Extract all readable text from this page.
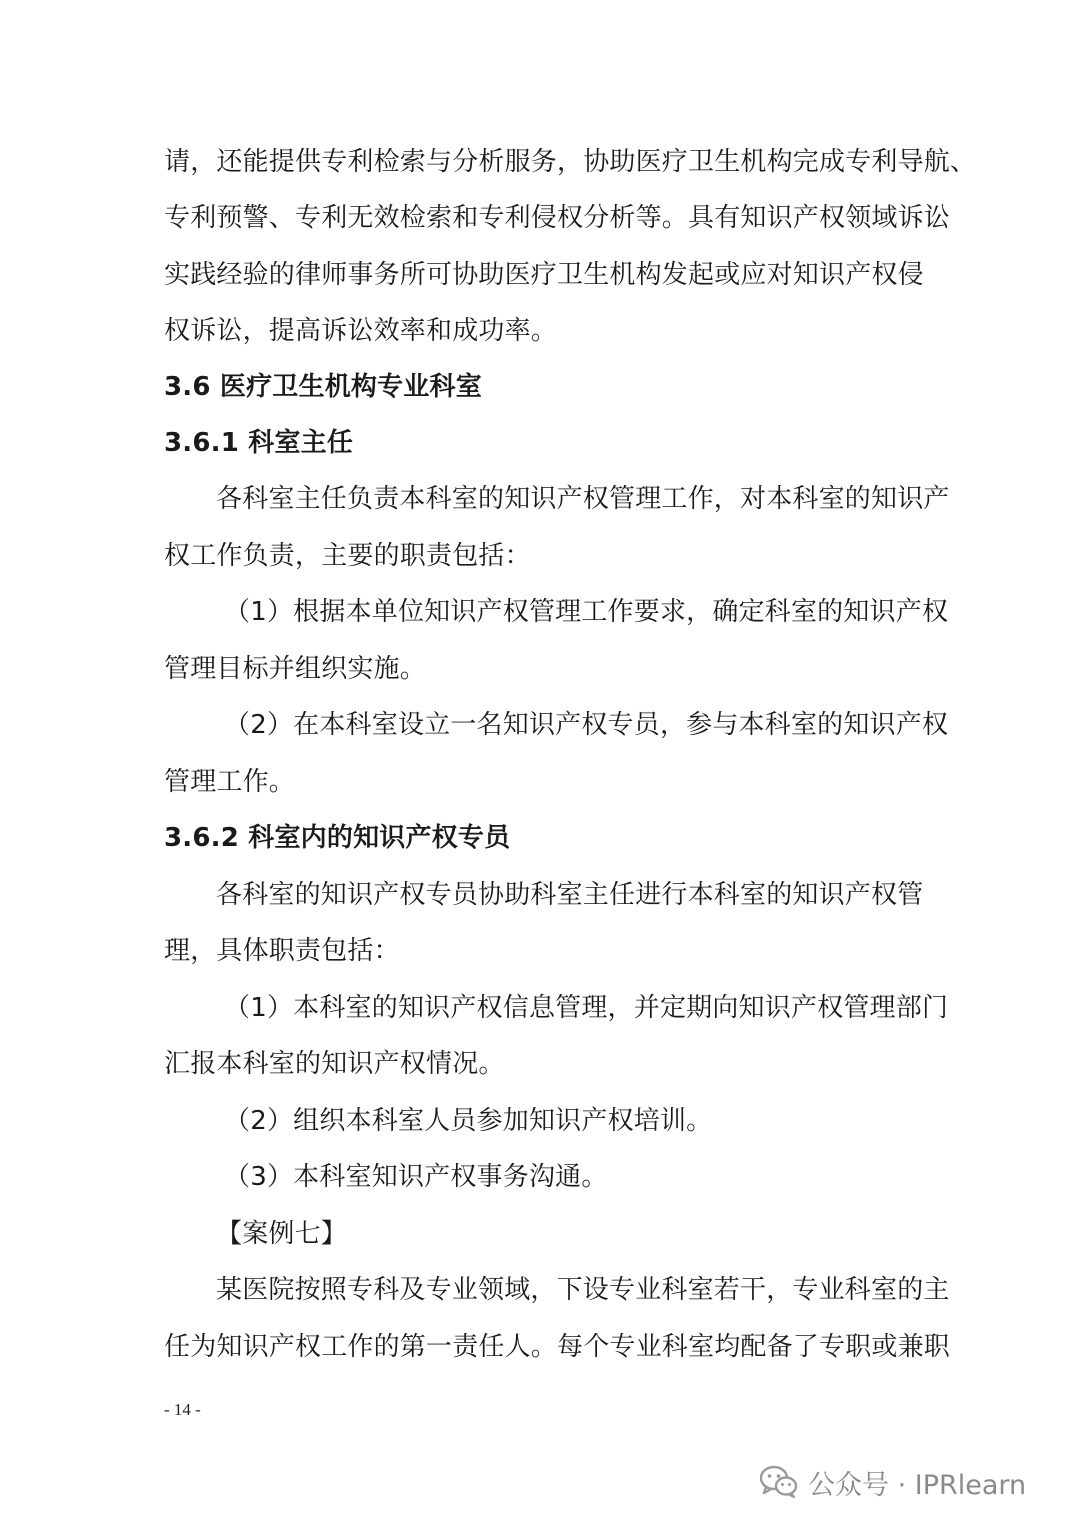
请，还能提供专利检索与分析服务，协助医疗卫生机构完成专利导航、
专利预警、专利无效检索和专利侵权分析等。具有知识产权领域诉讼
实践经验的律师事务所可协助医疗卫生机构发起或应对知识产权侵
权诉讼，提高诉讼效率和成功率。
3.6 医疗卫生机构专业科室
3.6.1 科室主任
各科室主任负责本科室的知识产权管理工作，对本科室的知识产
权工作负责，主要的职责包括：
（1）根据本单位知识产权管理工作要求，确定科室的知识产权
管理目标并组织实施。
（2）在本科室设立一名知识产权专员，参与本科室的知识产权
管理工作。
3.6.2 科室内的知识产权专员
各科室的知识产权专员协助科室主任进行本科室的知识产权管
理，具体职责包括：
（1）本科室的知识产权信息管理，并定期向知识产权管理部门
汇报本科室的知识产权情况。
（2）组织本科室人员参加知识产权培训。
（3）本科室知识产权事务沟通。
【案例七】
某医院按照专科及专业领域，下设专业科室若干，专业科室的主
任为知识产权工作的第一责任人。每个专业科室均配备了专职或兼职
- 14 -
公众号 · IPRlearn
